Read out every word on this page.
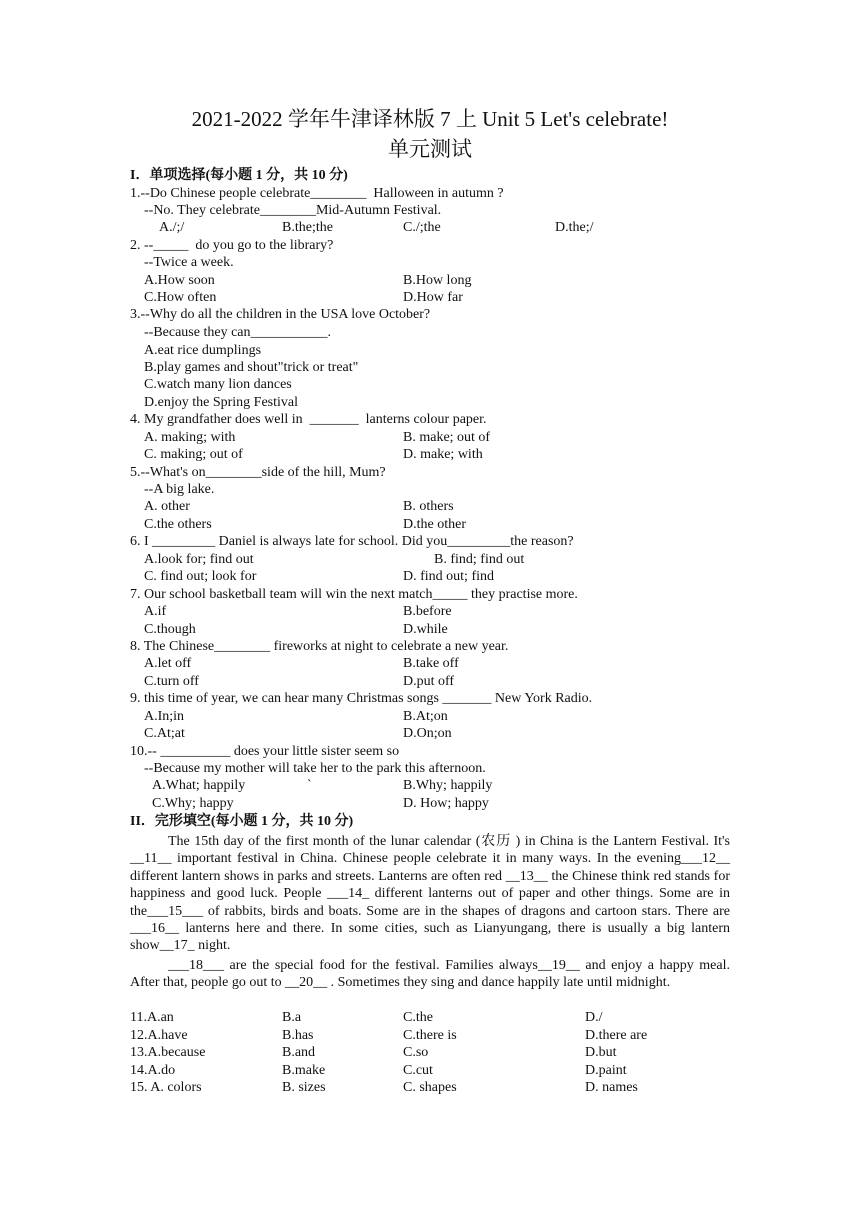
2021-2022 学年牛津译林版 7 上 Unit 5 Let's celebrate!
单元测试
I．单项选择(每小题 1 分，共 10 分)
1.--Do Chinese people celebrate________  Halloween in autumn ?
--No. They celebrate________Mid-Autumn Festival.
A./;/	B.the;the	C./;the	D.the;/
2. --_____  do you go to the library?
--Twice a week.
A.How soon	B.How long
C.How often	D.How far
3.--Why do all the children in the USA love October?
--Because they can___________.
A.eat rice dumplings
B.play games and shout"trick or treat"
C.watch many lion dances
D.enjoy the Spring Festival
4. My grandfather does well in  _______  lanterns colour paper.
A. making; with	B. make; out of
C. making; out of	D. make; with
5.--What's on________side of the hill, Mum?
--A big lake.
A. other	B. others
C.the others	D.the other
6. I _________ Daniel is always late for school. Did you_________the reason?
A.look for; find out	B. find; find out
C. find out; look for	D. find out; find
7. Our school basketball team will win the next match_____ they practise more.
A.if	B.before
C.though	D.while
8. The Chinese________ fireworks at night to celebrate a new year.
A.let off	B.take off
C.turn off	D.put off
9. this time of year, we can hear many Christmas songs _______ New York Radio.
A.In;in	B.At;on
C.At;at	D.On;on
10.-- __________ does your little sister seem so
--Because my mother will take her to the park this afternoon.
A.What; happily	`	B.Why; happily
C.Why; happy	D. How; happy
II．完形填空(每小题 1 分，共 10 分)
The 15th day of the first month of the lunar calendar (农历 ) in China is the Lantern Festival. It's __11__ important festival in China. Chinese people celebrate it in many ways. In the evening___12__ different lantern shows in parks and streets. Lanterns are often red __13__ the Chinese think red stands for happiness and good luck. People ___14_ different lanterns out of paper and other things. Some are in the___15___ of rabbits, birds and boats. Some are in the shapes of dragons and cartoon stars. There are ___16__ lanterns here and there. In some cities, such as Lianyungang, there is usually a big lantern show__17_ night.
___18___ are the special food for the festival. Families always__19__ and enjoy a happy meal. After that, people go out to __20__ . Sometimes they sing and dance happily late until midnight.
11.A.an	B.a	C.the	D./
12.A.have	B.has	C.there is	D.there are
13.A.because	B.and	C.so	D.but
14.A.do	B.make	C.cut	D.paint
15. A. colors	B. sizes	C. shapes	D. names
